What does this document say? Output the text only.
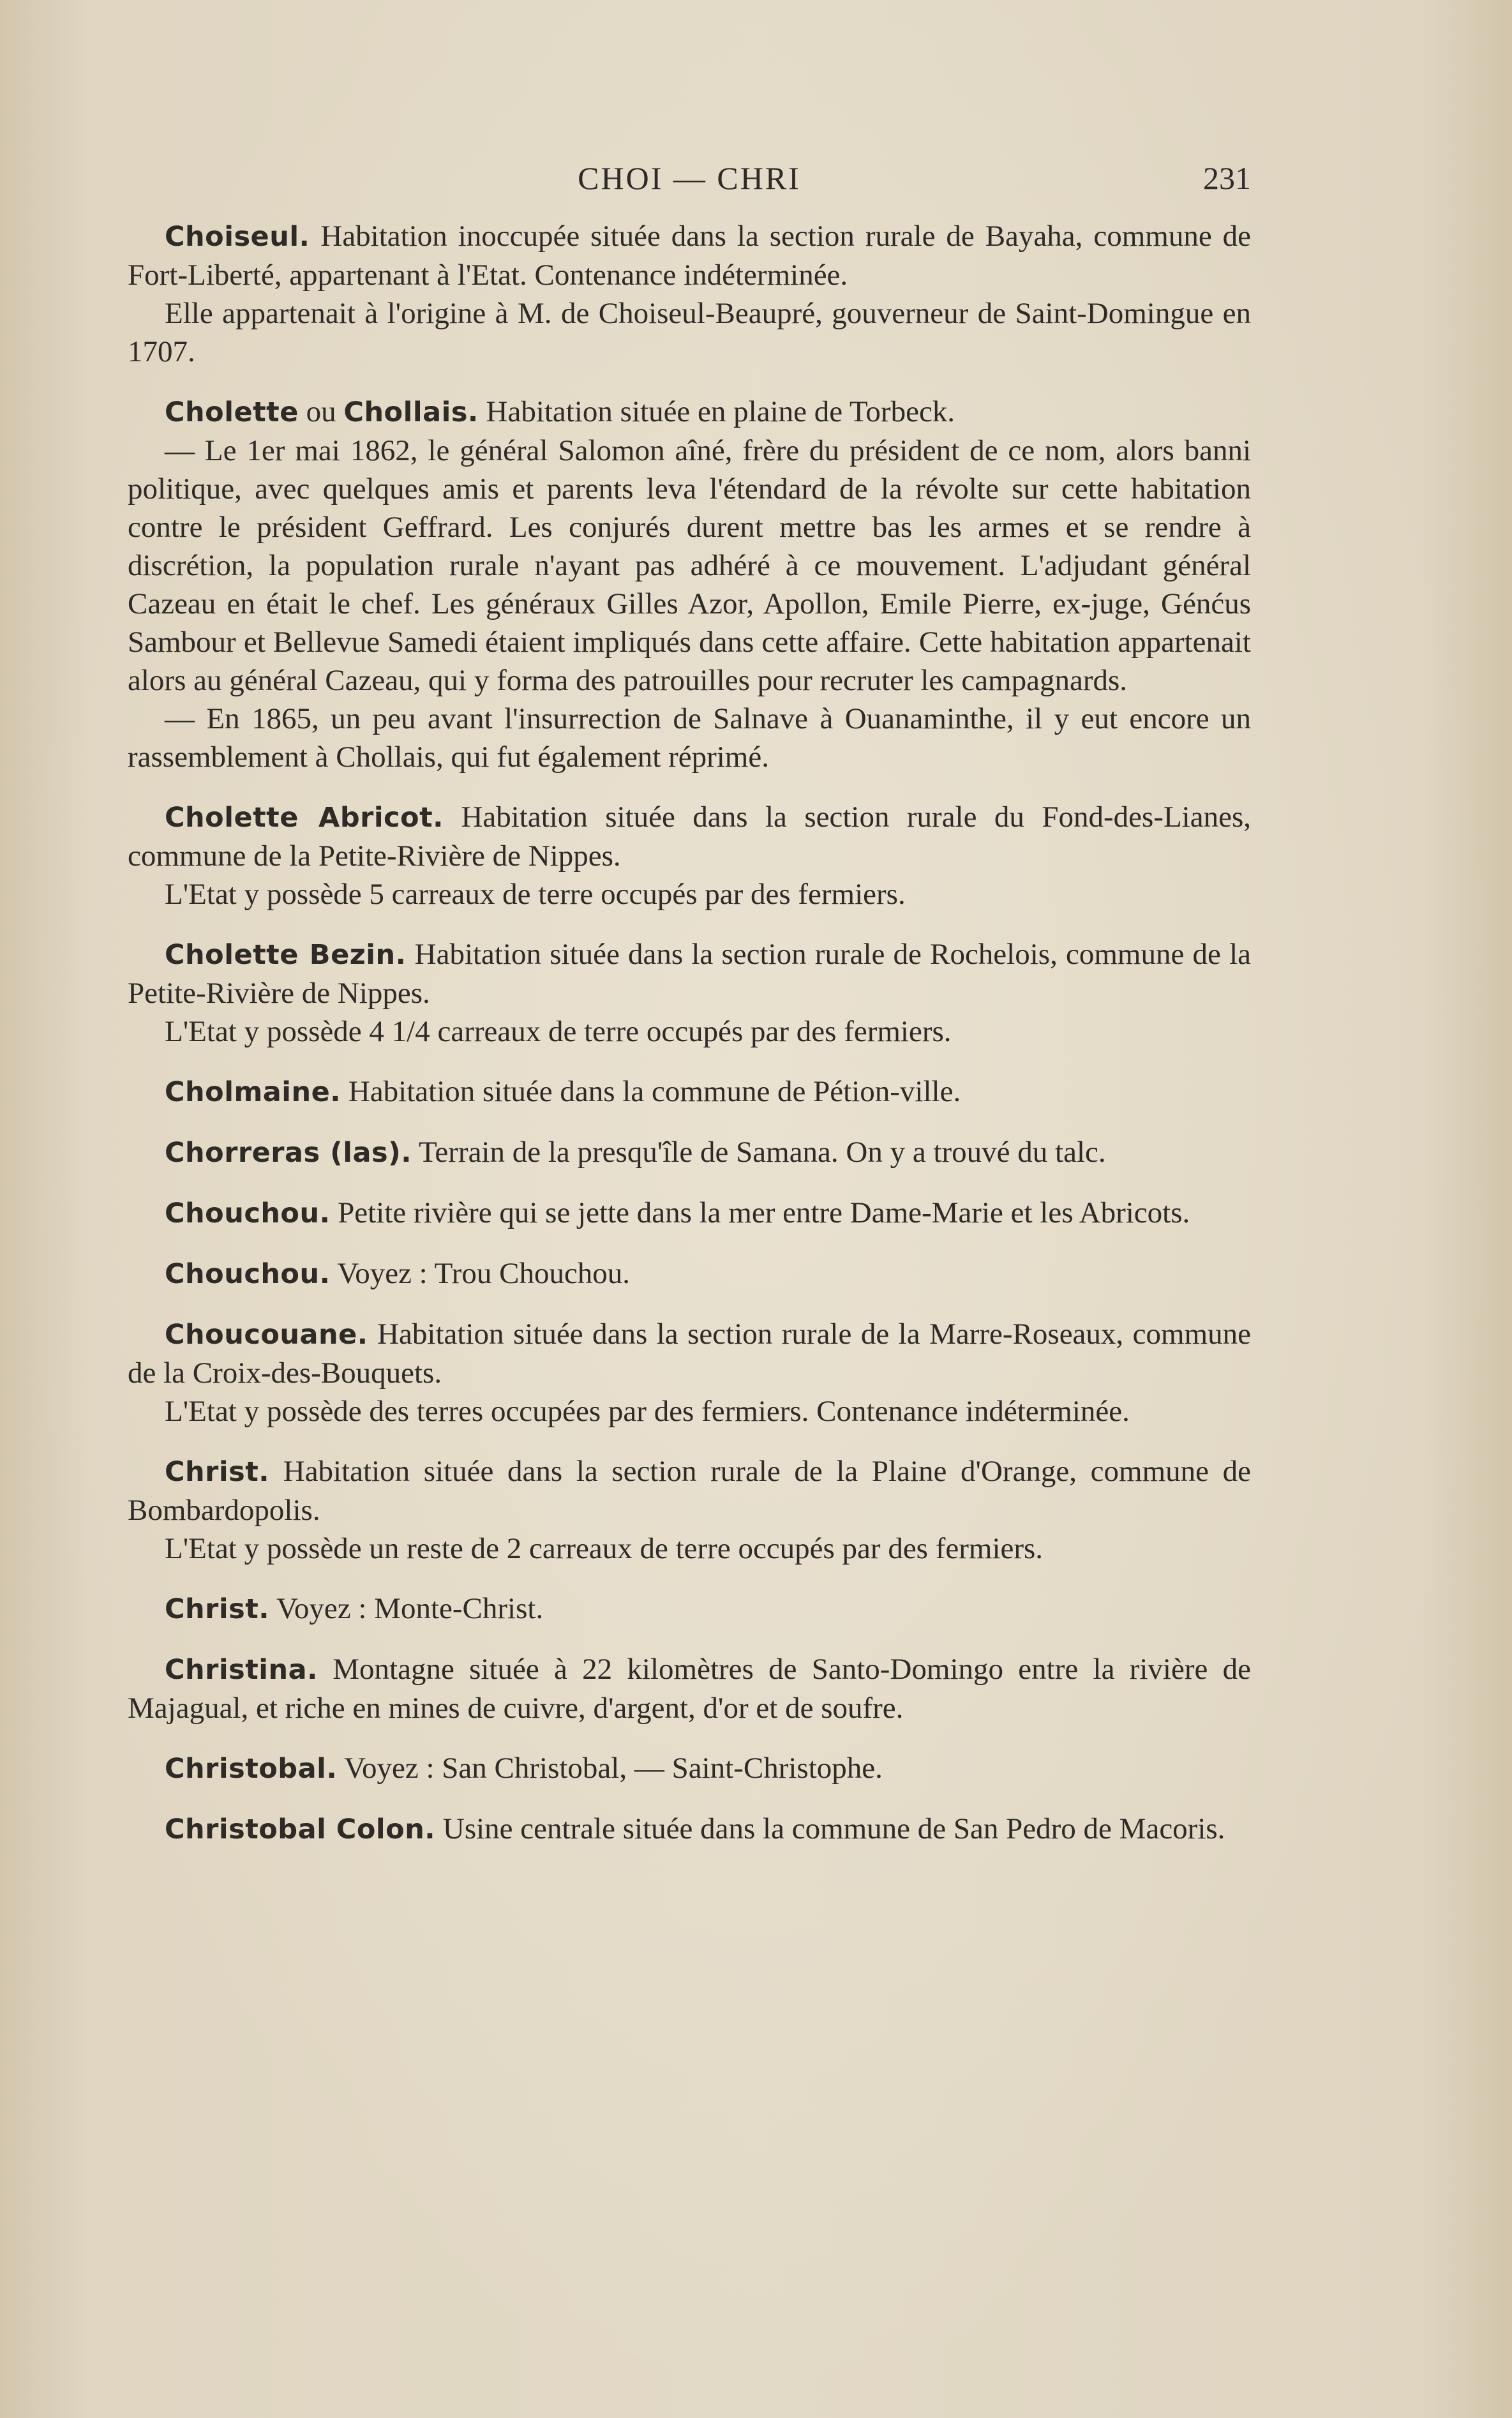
CHOI — CHRI	231

Choiseul. Habitation inoccupée située dans la section rurale de Bayaha, commune de Fort-Liberté, appartenant à l'Etat. Contenance indéterminée.

Elle appartenait à l'origine à M. de Choiseul-Beaupré, gouverneur de Saint-Domingue en 1707.

Cholette ou Chollais. Habitation située en plaine de Torbeck.

— Le 1er mai 1862, le général Salomon aîné, frère du président de ce nom, alors banni politique, avec quelques amis et parents leva l'étendard de la révolte sur cette habitation contre le président Geffrard. Les conjurés durent mettre bas les armes et se rendre à discrétion, la population rurale n'ayant pas adhéré à ce mouvement. L'adjudant général Cazeau en était le chef. Les généraux Gilles Azor, Apollon, Emile Pierre, ex-juge, Génćus Sambour et Bellevue Samedi étaient impliqués dans cette affaire. Cette habitation appartenait alors au général Cazeau, qui y forma des patrouilles pour recruter les campagnards.

— En 1865, un peu avant l'insurrection de Salnave à Ouanaminthe, il y eut encore un rassemblement à Chollais, qui fut également réprimé.

Cholette Abricot. Habitation située dans la section rurale du Fond-des-Lianes, commune de la Petite-Rivière de Nippes.

L'Etat y possède 5 carreaux de terre occupés par des fermiers.

Cholette Bezin. Habitation située dans la section rurale de Rochelois, commune de la Petite-Rivière de Nippes.

L'Etat y possède 4 1/4 carreaux de terre occupés par des fermiers.

Cholmaine. Habitation située dans la commune de Pétion-ville.

Chorreras (las). Terrain de la presqu'île de Samana. On y a trouvé du talc.

Chouchou. Petite rivière qui se jette dans la mer entre Dame-Marie et les Abricots.

Chouchou. Voyez : Trou Chouchou.

Choucouane. Habitation située dans la section rurale de la Marre-Roseaux, commune de la Croix-des-Bouquets.

L'Etat y possède des terres occupées par des fermiers. Contenance indéterminée.

Christ. Habitation située dans la section rurale de la Plaine d'Orange, commune de Bombardopolis.

L'Etat y possède un reste de 2 carreaux de terre occupés par des fermiers.

Christ. Voyez : Monte-Christ.

Christina. Montagne située à 22 kilomètres de Santo-Domingo entre la rivière de Majagual, et riche en mines de cuivre, d'argent, d'or et de soufre.

Christobal. Voyez : San Christobal, — Saint-Christophe.

Christobal Colon. Usine centrale située dans la commune de San Pedro de Macoris.
